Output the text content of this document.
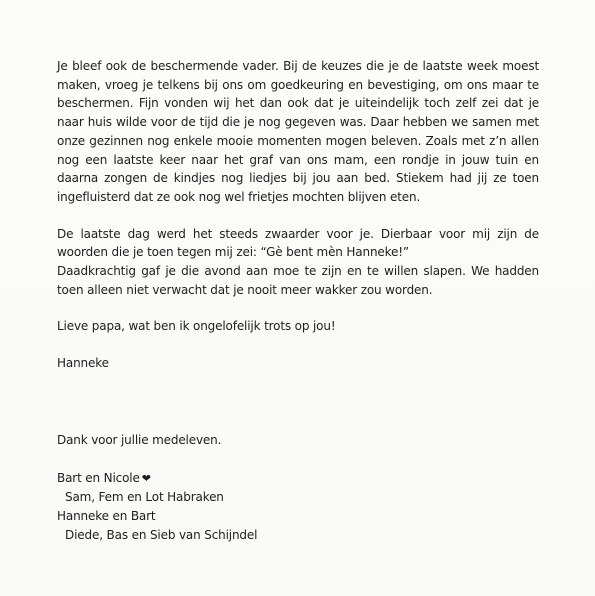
Je bleef ook de beschermende vader. Bij de keuzes die je de laatste week moest
maken, vroeg je telkens bij ons om goedkeuring en bevestiging, om ons maar te
beschermen. Fijn vonden wij het dan ook dat je uiteindelijk toch zelf zei dat je
naar huis wilde voor de tijd die je nog gegeven was. Daar hebben we samen met
onze gezinnen nog enkele mooie momenten mogen beleven. Zoals met z’n allen
nog een laatste keer naar het graf van ons mam, een rondje in jouw tuin en
daarna zongen de kindjes nog liedjes bij jou aan bed. Stiekem had jij ze toen
ingefluisterd dat ze ook nog wel frietjes mochten blijven eten.
De laatste dag werd het steeds zwaarder voor je. Dierbaar voor mij zijn de
woorden die je toen tegen mij zei: “Gè bent mèn Hanneke!”
Daadkrachtig gaf je die avond aan moe te zijn en te willen slapen. We hadden
toen alleen niet verwacht dat je nooit meer wakker zou worden.
Lieve papa, wat ben ik ongelofelijk trots op jou!
Hanneke
Dank voor jullie medeleven.
Bart en Nicole ❤
Sam, Fem en Lot Habraken
Hanneke en Bart
Diede, Bas en Sieb van Schijndel
